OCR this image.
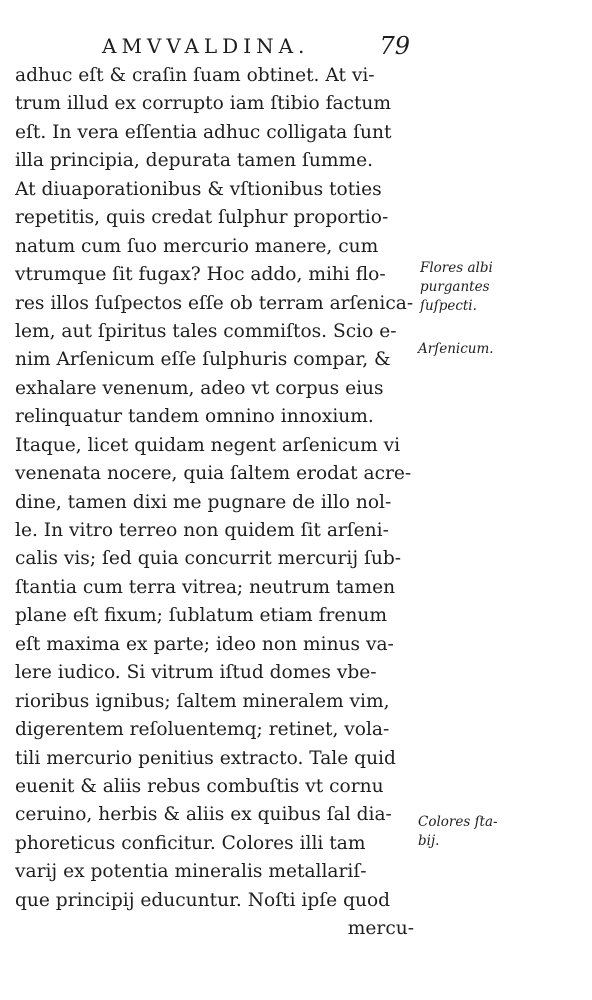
AMVVALDINA.	79
adhuc eſt & craſin ſuam obtinet. At vi-
trum illud ex corrupto iam ſtibio factum
eſt. In vera eſſentia adhuc colligata ſunt
illa principia, depurata tamen ſumme.
At diuaporationibus & vſtionibus toties
repetitis, quis credat ſulphur proportio-
natum cum ſuo mercurio manere, cum
vtrumque ſit fugax? Hoc addo, mihi flo-
res illos ſuſpectos eſſe ob terram arſenica-
lem, aut ſpiritus tales commiſtos. Scio e-
nim Arſenicum eſſe ſulphuris compar, &
exhalare venenum, adeo vt corpus eius
relinquatur tandem omnino innoxium.
Itaque, licet quidam negent arſenicum vi
venenata nocere, quia ſaltem erodat acre-
dine, tamen dixi me pugnare de illo nol-
le. In vitro terreo non quidem ſit arſeni-
calis vis; ſed quia concurrit mercurij ſub-
ſtantia cum terra vitrea; neutrum tamen
plane eſt fixum; ſublatum etiam frenum
eſt maxima ex parte; ideo non minus va-
lere iudico. Si vitrum iſtud domes vbe-
rioribus ignibus; ſaltem mineralem vim,
digerentem reſoluentemq; retinet, vola-
tili mercurio penitius extracto. Tale quid
euenit & aliis rebus combuſtis vt cornu
ceruino, herbis & aliis ex quibus ſal dia-
phoreticus conficitur. Colores illi tam
varij ex potentia mineralis metallariſ-
que principij educuntur. Noſti ipſe quod
mercu-
Flores albi
purgantes
ſuſpecti.
Arſenicum.
Colores ſta-
bij.
